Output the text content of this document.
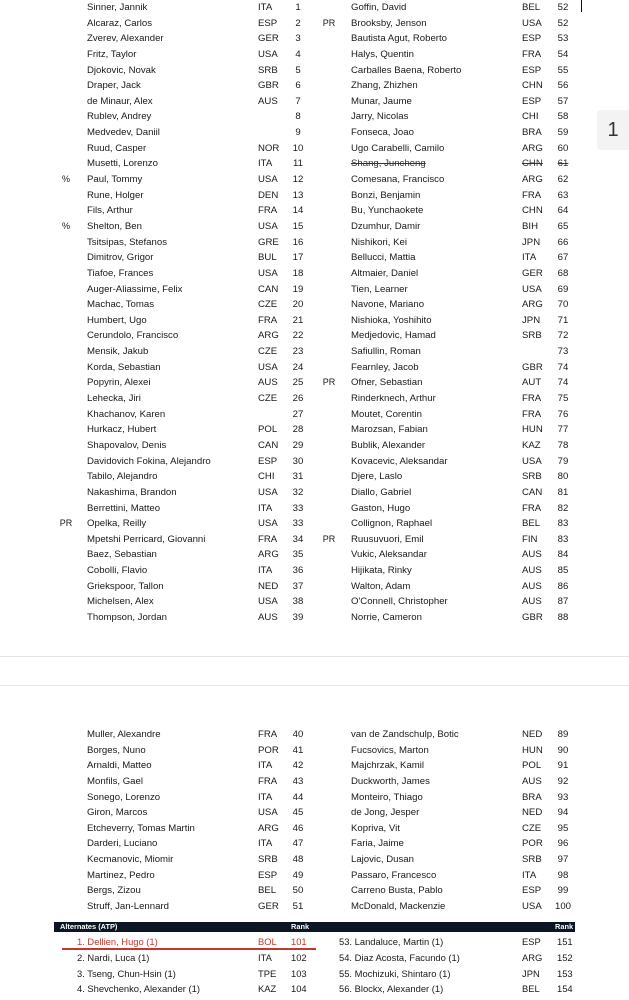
Sinner, Jannik	ITA	1	Goffin, David	BEL	52
Alcaraz, Carlos	ESP	2	PR	Brooksby, Jenson	USA	52
Zverev, Alexander	GER	3	Bautista Agut, Roberto	ESP	53
Fritz, Taylor	USA	4	Halys, Quentin	FRA	54
Djokovic, Novak	SRB	5	Carballes Baena, Roberto	ESP	55
Draper, Jack	GBR	6	Zhang, Zhizhen	CHN	56
de Minaur, Alex	AUS	7	Munar, Jaume	ESP	57
Rublev, Andrey	8	Jarry, Nicolas	CHI	58
Medvedev, Daniil	9	Fonseca, Joao	BRA	59
Ruud, Casper	NOR	10	Ugo Carabelli, Camilo	ARG	60
Musetti, Lorenzo	ITA	11	Shang, Juncheng	CHN	61
%	Paul, Tommy	USA	12	Comesana, Francisco	ARG	62
Rune, Holger	DEN	13	Bonzi, Benjamin	FRA	63
Fils, Arthur	FRA	14	Bu, Yunchaokete	CHN	64
%	Shelton, Ben	USA	15	Dzumhur, Damir	BIH	65
Tsitsipas, Stefanos	GRE	16	Nishikori, Kei	JPN	66
Dimitrov, Grigor	BUL	17	Bellucci, Mattia	ITA	67
Tiafoe, Frances	USA	18	Altmaier, Daniel	GER	68
Auger-Aliassime, Felix	CAN	19	Tien, Learner	USA	69
Machac, Tomas	CZE	20	Navone, Mariano	ARG	70
Humbert, Ugo	FRA	21	Nishioka, Yoshihito	JPN	71
Cerundolo, Francisco	ARG	22	Medjedovic, Hamad	SRB	72
Mensik, Jakub	CZE	23	Safiullin, Roman	73
Korda, Sebastian	USA	24	Fearnley, Jacob	GBR	74
Popyrin, Alexei	AUS	25	PR	Ofner, Sebastian	AUT	74
Lehecka, Jiri	CZE	26	Rinderknech, Arthur	FRA	75
Khachanov, Karen	27	Moutet, Corentin	FRA	76
Hurkacz, Hubert	POL	28	Marozsan, Fabian	HUN	77
Shapovalov, Denis	CAN	29	Bublik, Alexander	KAZ	78
Davidovich Fokina, Alejandro	ESP	30	Kovacevic, Aleksandar	USA	79
Tabilo, Alejandro	CHI	31	Djere, Laslo	SRB	80
Nakashima, Brandon	USA	32	Diallo, Gabriel	CAN	81
Berrettini, Matteo	ITA	33	Gaston, Hugo	FRA	82
PR	Opelka, Reilly	USA	33	Collignon, Raphael	BEL	83
Mpetshi Perricard, Giovanni	FRA	34	PR	Ruusuvuori, Emil	FIN	83
Baez, Sebastian	ARG	35	Vukic, Aleksandar	AUS	84
Cobolli, Flavio	ITA	36	Hijikata, Rinky	AUS	85
Griekspoor, Tallon	NED	37	Walton, Adam	AUS	86
Michelsen, Alex	USA	38	O'Connell, Christopher	AUS	87
Thompson, Jordan	AUS	39	Norrie, Cameron	GBR	88
1
Muller, Alexandre	FRA	40	van de Zandschulp, Botic	NED	89
Borges, Nuno	POR	41	Fucsovics, Marton	HUN	90
Arnaldi, Matteo	ITA	42	Majchrzak, Kamil	POL	91
Monfils, Gael	FRA	43	Duckworth, James	AUS	92
Sonego, Lorenzo	ITA	44	Monteiro, Thiago	BRA	93
Giron, Marcos	USA	45	de Jong, Jesper	NED	94
Etcheverry, Tomas Martin	ARG	46	Kopriva, Vit	CZE	95
Darderi, Luciano	ITA	47	Faria, Jaime	POR	96
Kecmanovic, Miomir	SRB	48	Lajovic, Dusan	SRB	97
Martinez, Pedro	ESP	49	Passaro, Francesco	ITA	98
Bergs, Zizou	BEL	50	Carreno Busta, Pablo	ESP	99
Struff, Jan-Lennard	GER	51	McDonald, Mackenzie	USA	100
Alternates (ATP)	Rank	Rank
1. Dellien, Hugo (1)	BOL 101	53. Landaluce, Martin (1)	ESP 151
2. Nardi, Luca (1)	ITA 102	54. Diaz Acosta, Facundo (1)	ARG 152
3. Tseng, Chun-Hsin (1)	TPE 103	55. Mochizuki, Shintaro (1)	JPN 153
4. Shevchenko, Alexander (1)	KAZ 104	56. Blockx, Alexander (1)	BEL 154
